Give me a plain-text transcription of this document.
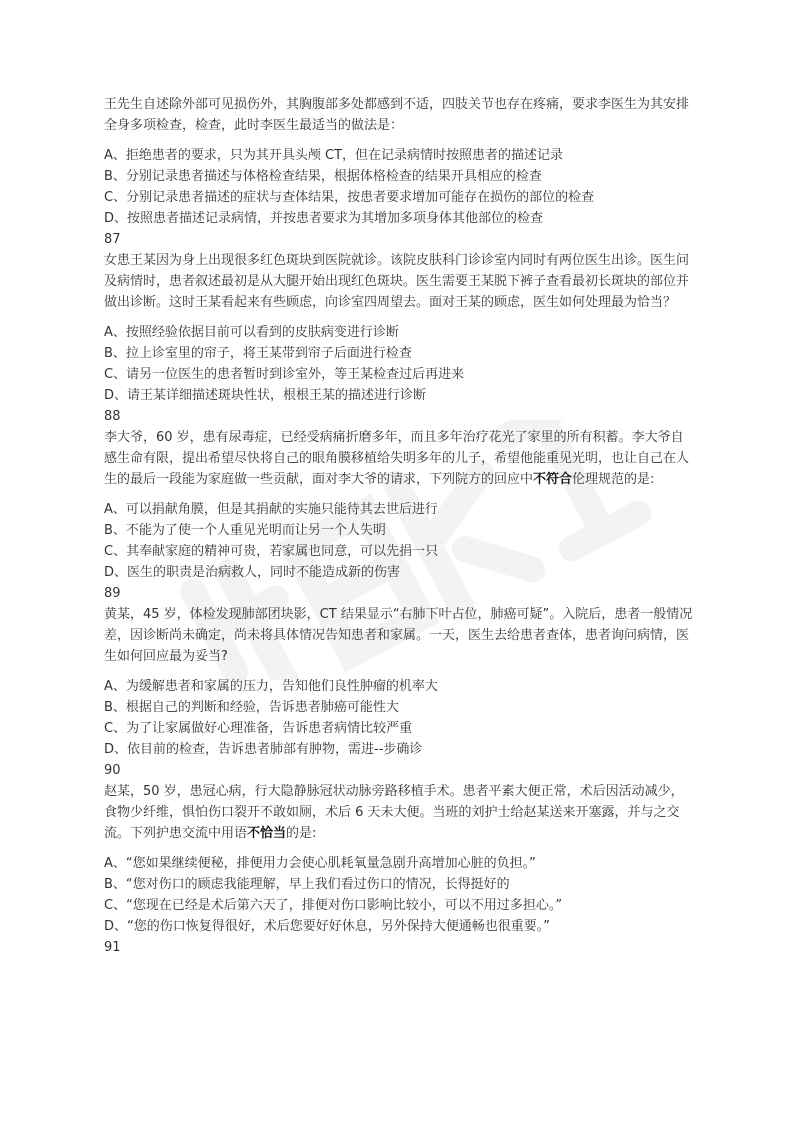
王先生自述除外部可见损伤外，其胸腹部多处都感到不适，四肢关节也存在疼痛，要求李医生为其安排全身多项检查，检查，此时李医生最适当的做法是：

A、拒绝患者的要求，只为其开具头颅 CT，但在记录病情时按照患者的描述记录

B、分别记录患者描述与体格检查结果，根据体格检查的结果开具相应的检查

C、分别记录患者描述的症状与查体结果，按患者要求增加可能存在损伤的部位的检查

D、按照患者描述记录病情，并按患者要求为其增加多项身体其他部位的检查

87

女患王某因为身上出现很多红色斑块到医院就诊。该院皮肤科门诊诊室内同时有两位医生出诊。医生问及病情时，患者叙述最初是从大腿开始出现红色斑块。医生需要王某脱下裤子查看最初长斑块的部位并做出诊断。这时王某看起来有些顾虑，向诊室四周望去。面对王某的顾虑，医生如何处理最为恰当？

A、按照经验依据目前可以看到的皮肤病变进行诊断

B、拉上诊室里的帘子，将王某带到帘子后面进行检查

C、请另一位医生的患者暂时到诊室外，等王某检查过后再进来

D、请王某详细描述斑块性状，根根王某的描述进行诊断

88

李大爷，60 岁，患有尿毒症，已经受病痛折磨多年，而且多年治疗花光了家里的所有积蓄。李大爷自感生命有限，提出希望尽快将自己的眼角膜移植给失明多年的儿子，希望他能重见光明，也让自己在人生的最后一段能为家庭做一些贡献，面对李大爷的请求，下列院方的回应中不符合伦理规范的是:

A、可以捐献角膜，但是其捐献的实施只能待其去世后进行

B、不能为了使一个人重见光明而让另一个人失明

C、其奉献家庭的精神可贵，若家属也同意，可以先捐一只

D、医生的职责是治病救人，同时不能造成新的伤害

89

黄某，45 岁，体检发现肺部团块影，CT 结果显示“右肺下叶占位，肺癌可疑”。入院后，患者一般情况差，因诊断尚未确定，尚未将具体情况告知患者和家属。一天，医生去给患者查体，患者询问病情，医生如何回应最为妥当?

A、为缓解患者和家属的压力，告知他们良性肿瘤的机率大

B、根据自己的判断和经验，告诉患者肺癌可能性大

C、为了让家属做好心理准备，告诉患者病情比较严重

D、依目前的检查，告诉患者肺部有肿物，需进--步确诊

90

赵某，50 岁，患冠心病，行大隐静脉冠状动脉旁路移植手术。患者平素大便正常，术后因活动减少，食物少纤维，惧怕伤口裂开不敢如厕，术后 6 天未大便。当班的刘护士给赵某送来开塞露，并与之交流。下列护患交流中用语不恰当的是:

A、“您如果继续便秘，排便用力会使心肌耗氧量急剧升高增加心脏的负担。”

B、“您对伤口的顾虑我能理解，早上我们看过伤口的情况，长得挺好的

C、“您现在已经是术后第六天了，排便对伤口影响比较小，可以不用过多担心。”

D、“您的伤口恢复得很好，术后您要好好休息，另外保持大便通畅也很重要。”

91
